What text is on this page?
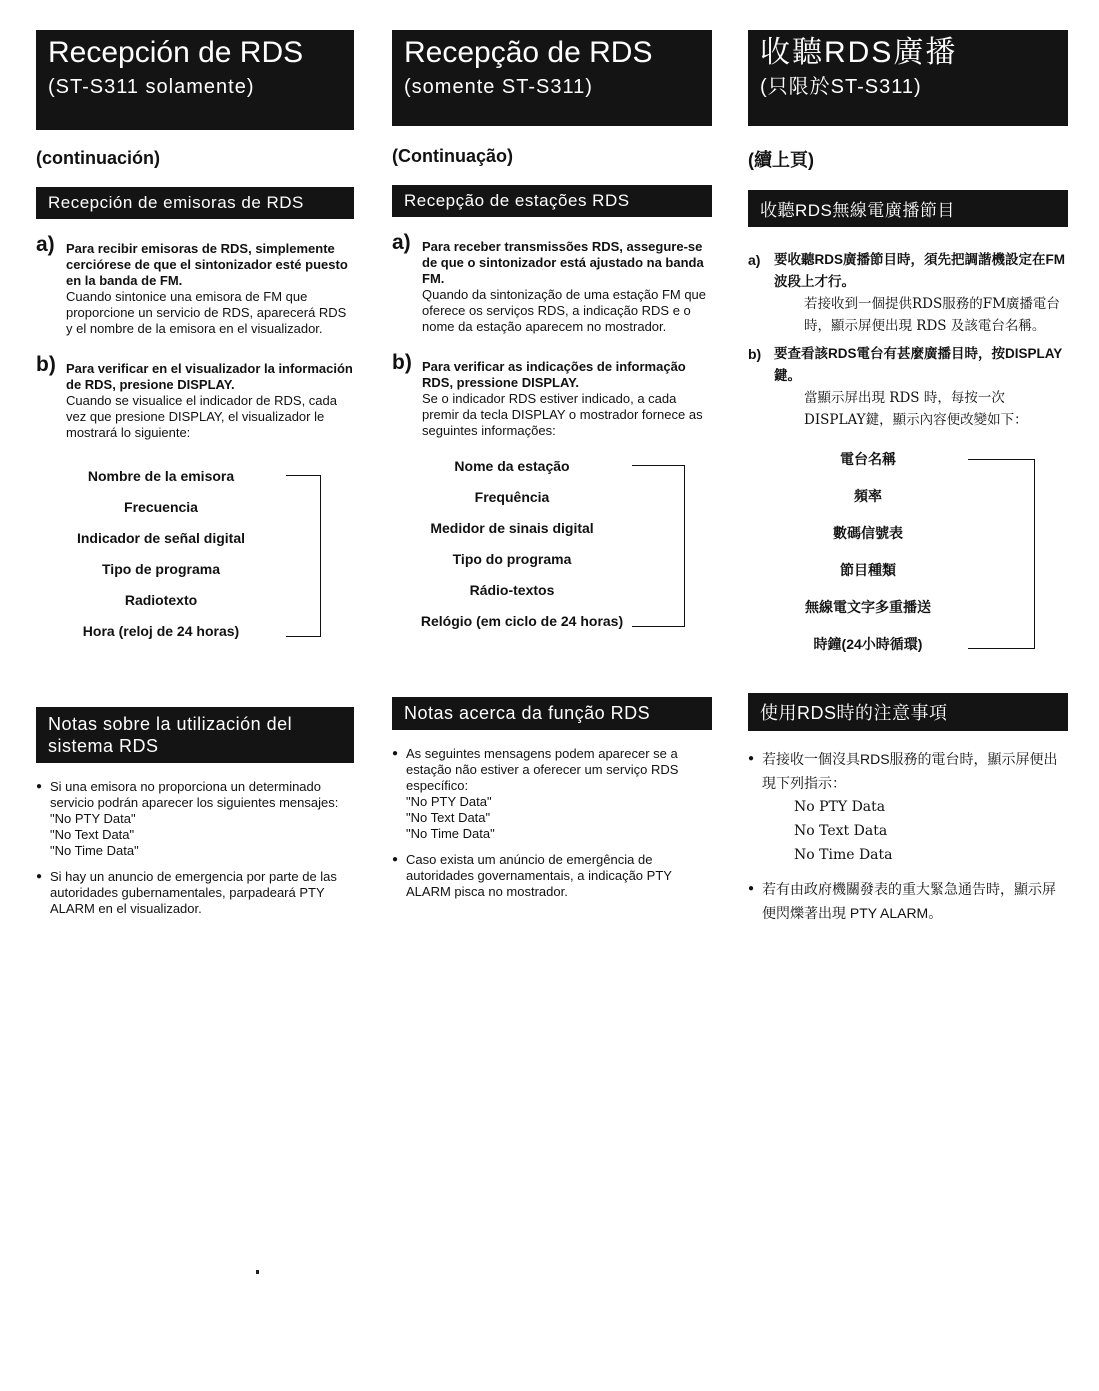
Recepción de RDS
(ST-S311 solamente)
(continuación)
Recepción de emisoras de RDS
a) Para recibir emisoras de RDS, simplemente cerciórese de que el sintonizador esté puesto en la banda de FM.
Cuando sintonice una emisora de FM que proporcione un servicio de RDS, aparecerá RDS y el nombre de la emisora en el visualizador.
b) Para verificar en el visualizador la información de RDS, presione DISPLAY.
Cuando se visualice el indicador de RDS, cada vez que presione DISPLAY, el visualizador le mostrará lo siguiente:
Nombre de la emisora
Frecuencia
Indicador de señal digital
Tipo de programa
Radiotexto
Hora (reloj de 24 horas)
Notas sobre la utilización del sistema RDS
● Si una emisora no proporciona un determinado servicio podrán aparecer los siguientes mensajes:
"No PTY Data"
"No Text Data"
"No Time Data"
● Si hay un anuncio de emergencia por parte de las autoridades gubernamentales, parpadeará PTY ALARM en el visualizador.
Recepção de RDS
(somente ST-S311)
(Continuação)
Recepção de estações RDS
a) Para receber transmissões RDS, assegure-se de que o sintonizador está ajustado na banda FM.
Quando da sintonização de uma estação FM que oferece os serviços RDS, a indicação RDS e o nome da estação aparecem no mostrador.
b) Para verificar as indicações de informação RDS, pressione DISPLAY.
Se o indicador RDS estiver indicado, a cada premir da tecla DISPLAY o mostrador fornece as seguintes informações:
Nome da estação
Frequência
Medidor de sinais digital
Tipo do programa
Rádio-textos
Relógio (em ciclo de 24 horas)
Notas acerca da função RDS
● As seguintes mensagens podem aparecer se a estação não estiver a oferecer um serviço RDS específico:
"No PTY Data"
"No Text Data"
"No Time Data"
● Caso exista um anúncio de emergência de autoridades governamentais, a indicação PTY ALARM pisca no mostrador.
收聽RDS廣播
(只限於ST-S311)
(續上頁)
收聽RDS無線電廣播節目
a) 要收聽RDS廣播節目時，須先把調諧機設定在FM波段上才行。
若接收到一個提供RDS服務的FM廣播電台時，顯示屏便出現 RDS 及該電台名稱。
b) 要查看該RDS電台有甚麼廣播目時，按DISPLAY 鍵。
當顯示屏出現 RDS 時，每按一次 DISPLAY鍵，顯示內容便改變如下：
電台名稱
頻率
數碼信號表
節目種類
無線電文字多重播送
時鐘(24小時循環)
使用RDS時的注意事項
● 若接收一個沒具RDS服務的電台時，顯示屏便出現下列指示：
No PTY Data
No Text Data
No Time Data
● 若有由政府機關發表的重大緊急通告時，顯示屏便閃爍著出現 PTY ALARM。
